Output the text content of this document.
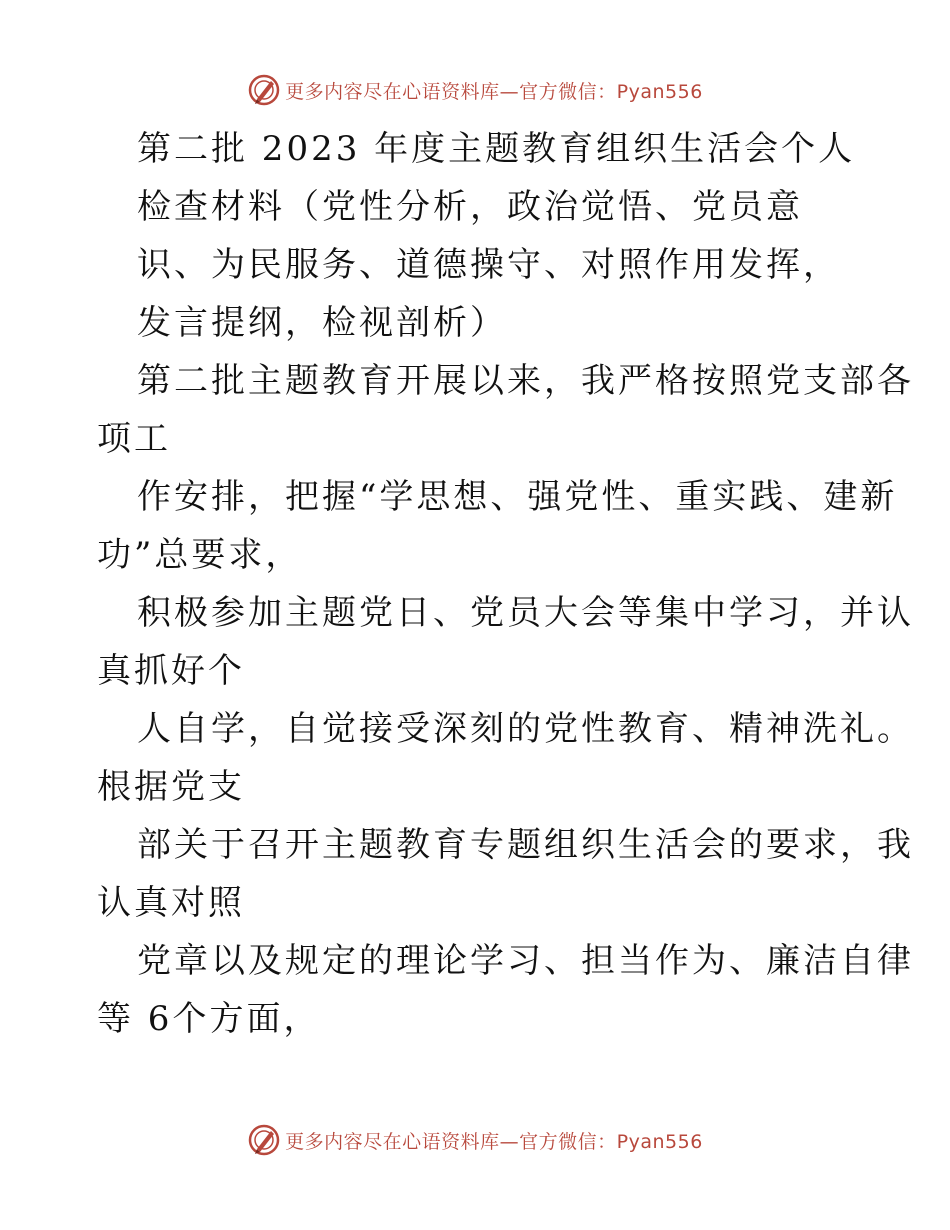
更多内容尽在心语资料库—官方微信：Pyan556
第二批 2023 年度主题教育组织生活会个人
检查材料（党性分析，政治觉悟、党员意
识、为民服务、道德操守、对照作用发挥，
发言提纲，检视剖析）
第二批主题教育开展以来，我严格按照党支部各
项工
作安排，把握“学思想、强党性、重实践、建新
功”总要求，
积极参加主题党日、党员大会等集中学习，并认
真抓好个
人自学，自觉接受深刻的党性教育、精神洗礼。
根据党支
部关于召开主题教育专题组织生活会的要求，我
认真对照
党章以及规定的理论学习、担当作为、廉洁自律
等 6个方面，
更多内容尽在心语资料库—官方微信：Pyan556
